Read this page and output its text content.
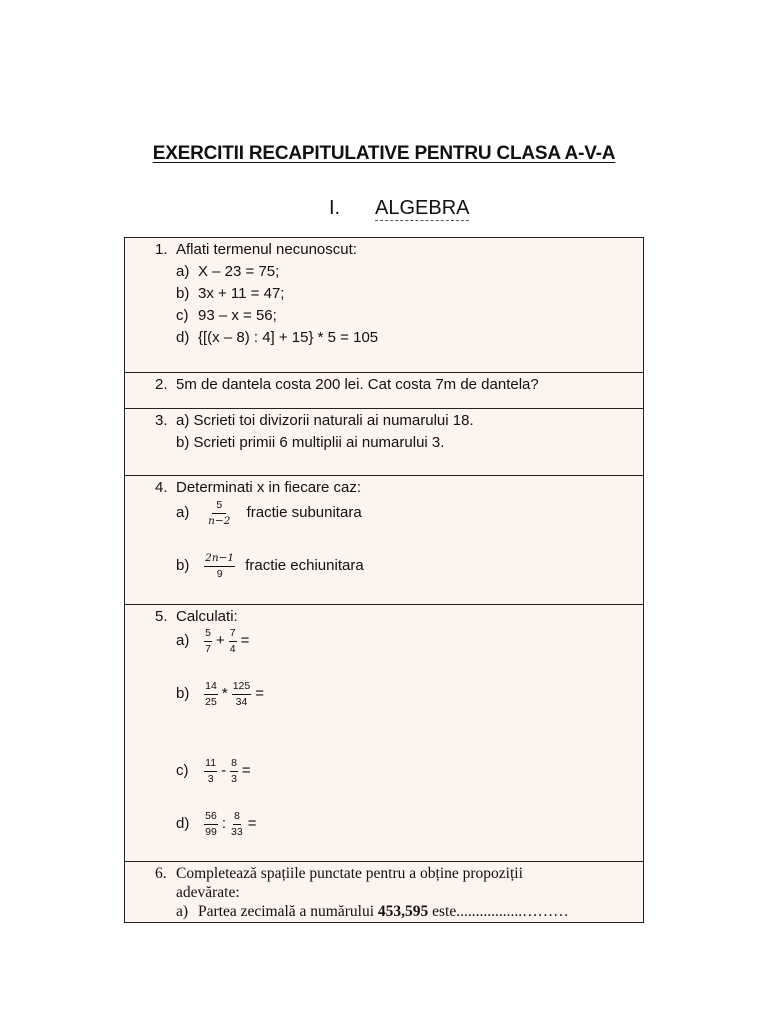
EXERCITII RECAPITULATIVE PENTRU CLASA A-V-A
I. ALGEBRA
1. Aflati termenul necunoscut:
a) X – 23 = 75;
b) 3x + 11 = 47;
c) 93 – x = 56;
d) {[(x – 8) : 4] + 15} * 5 = 105
2. 5m de dantela costa 200 lei. Cat costa 7m de dantela?
3. a) Scrieti toi divizorii naturali ai numarului 18.
b) Scrieti primii 6 multiplii ai numarului 3.
4. Determinati x in fiecare caz:
$a) \frac{5}{n-2}$ fractie subunitara
$b) \frac{2n-1}{9}$ fractie echiunitara
5. Calculati:
$a) \frac{5}{7} + \frac{7}{4}$ =
$b) \frac{14}{25} * \frac{125}{34}$ =
$c) \frac{11}{3} - \frac{8}{3}$ =
$d) \frac{56}{99}$ : $\frac{8}{33}$ =
6. Completează spațiile punctate pentru a obține propoziții
adevărate:
a) Partea zecimală a numărului 453,595 este.................………
